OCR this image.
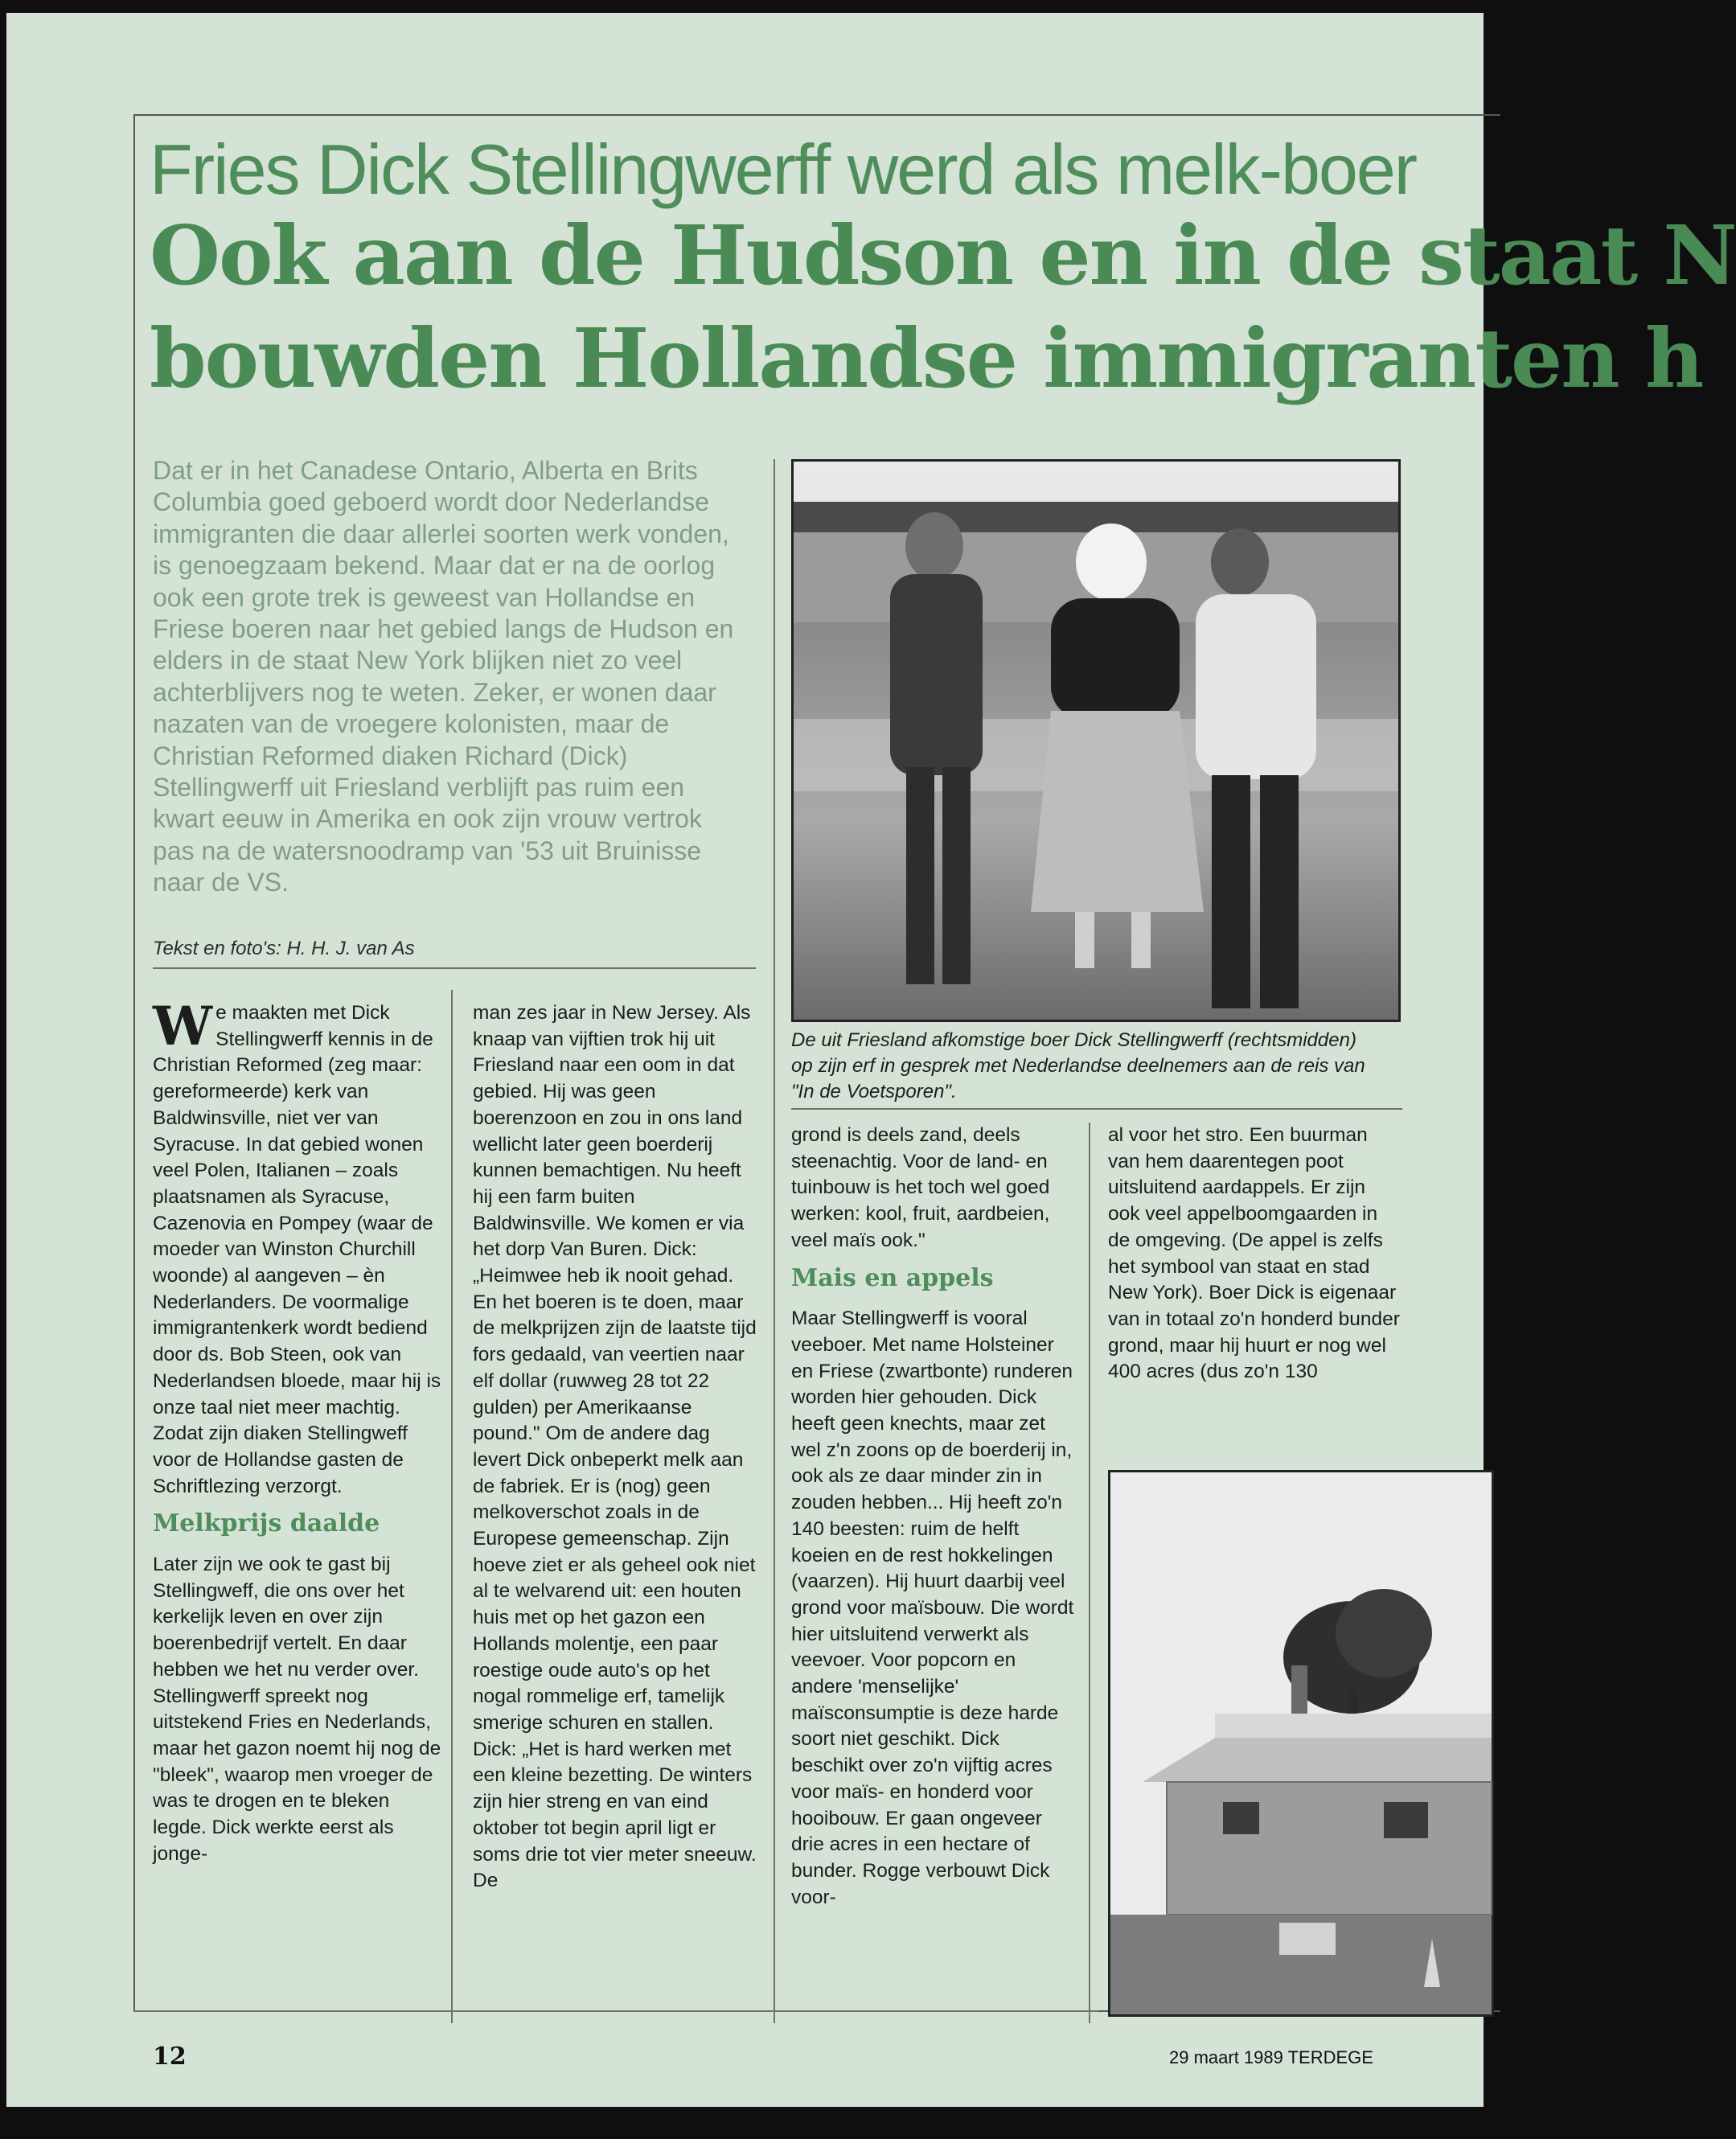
Fries Dick Stellingwerff werd als melk-boer
Ook aan de Hudson en in de staat N
bouwden Hollandse immigranten h

Dat er in het Canadese Ontario, Alberta en Brits Columbia goed geboerd wordt door Nederlandse immigranten die daar allerlei soorten werk vonden, is genoegzaam bekend. Maar dat er na de oorlog ook een grote trek is geweest van Hollandse en Friese boeren naar het gebied langs de Hudson en elders in de staat New York blijken niet zo veel achterblijvers nog te weten. Zeker, er wonen daar nazaten van de vroegere kolonisten, maar de Christian Reformed diaken Richard (Dick) Stellingwerff uit Friesland verblijft pas ruim een kwart eeuw in Amerika en ook zijn vrouw vertrok pas na de watersnoodramp van '53 uit Bruinisse naar de VS.

Tekst en foto's: H. H. J. van As
De uit Friesland afkomstige boer Dick Stellingwerff (rechtsmidden) op zijn erf in gesprek met Nederlandse deelnemers aan de reis van "In de Voetsporen".
W e maakten met Dick Stellingwerff kennis in de Christian Reformed (zeg maar: gereformeerde) kerk van Baldwinsville, niet ver van Syracuse. In dat gebied wonen veel Polen, Italianen – zoals plaatsnamen als Syracuse, Cazenovia en Pompey (waar de moeder van Winston Churchill woonde) al aangeven – èn Nederlanders. De voormalige immigrantenkerk wordt bediend door ds. Bob Steen, ook van Nederlandsen bloede, maar hij is onze taal niet meer machtig. Zodat zijn diaken Stellingweff voor de Hollandse gasten de Schriftlezing verzorgt.

Melkprijs daalde

Later zijn we ook te gast bij Stellingweff, die ons over het kerkelijk leven en over zijn boerenbedrijf vertelt. En daar hebben we het nu verder over. Stellingwerff spreekt nog uitstekend Fries en Nederlands, maar het gazon noemt hij nog de "bleek", waarop men vroeger de was te drogen en te bleken legde. Dick werkte eerst als jonge-

man zes jaar in New Jersey. Als knaap van vijftien trok hij uit Friesland naar een oom in dat gebied. Hij was geen boerenzoon en zou in ons land wellicht later geen boerderij kunnen bemachtigen. Nu heeft hij een farm buiten Baldwinsville. We komen er via het dorp Van Buren. Dick: „Heimwee heb ik nooit gehad. En het boeren is te doen, maar de melkprijzen zijn de laatste tijd fors gedaald, van veertien naar elf dollar (ruwweg 28 tot 22 gulden) per Amerikaanse pound." Om de andere dag levert Dick onbeperkt melk aan de fabriek. Er is (nog) geen melkoverschot zoals in de Europese gemeenschap. Zijn hoeve ziet er als geheel ook niet al te welvarend uit: een houten huis met op het gazon een Hollands molentje, een paar roestige oude auto's op het nogal rommelige erf, tamelijk smerige schuren en stallen. Dick: „Het is hard werken met een kleine bezetting. De winters zijn hier streng en van eind oktober tot begin april ligt er soms drie tot vier meter sneeuw. De

grond is deels zand, deels steenachtig. Voor de land- en tuinbouw is het toch wel goed werken: kool, fruit, aardbeien, veel maïs ook."

Mais en appels

Maar Stellingwerff is vooral veeboer. Met name Holsteiner en Friese (zwartbonte) runderen worden hier gehouden. Dick heeft geen knechts, maar zet wel z'n zoons op de boerderij in, ook als ze daar minder zin in zouden hebben... Hij heeft zo'n 140 beesten: ruim de helft koeien en de rest hokkelingen (vaarzen). Hij huurt daarbij veel grond voor maïsbouw. Die wordt hier uitsluitend verwerkt als veevoer. Voor popcorn en andere 'menselijke' maïsconsumptie is deze harde soort niet geschikt. Dick beschikt over zo'n vijftig acres voor maïs- en honderd voor hooibouw. Er gaan ongeveer drie acres in een hectare of bunder. Rogge verbouwt Dick voor-

al voor het stro. Een buurman van hem daarentegen poot uitsluitend aardappels. Er zijn ook veel appelboomgaarden in de omgeving. (De appel is zelfs het symbool van staat en stad New York). Boer Dick is eigenaar van in totaal zo'n honderd bunder grond, maar hij huurt er nog wel 400 acres (dus zo'n 130

12	29 maart 1989 TERDEGE
